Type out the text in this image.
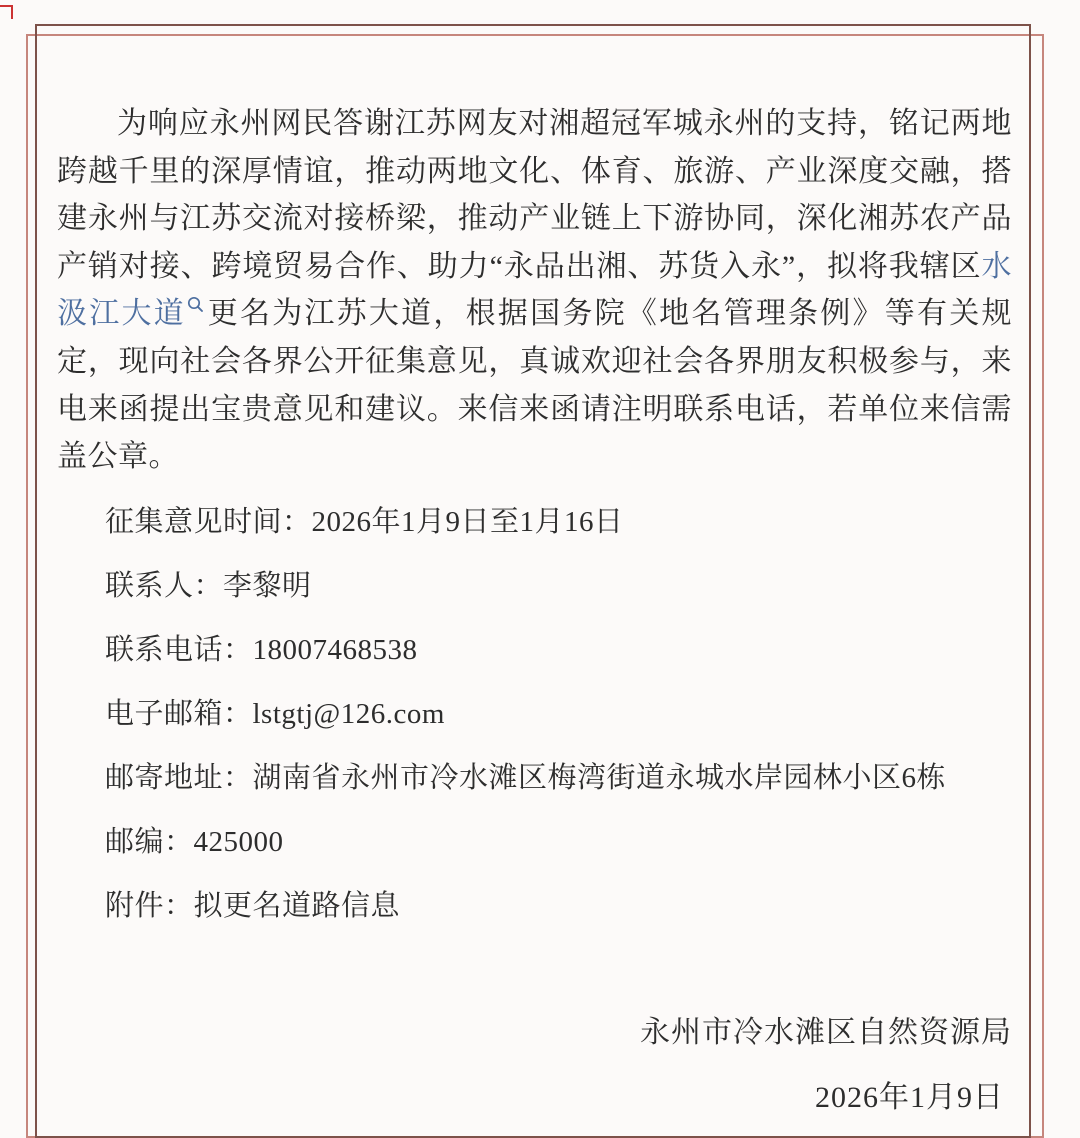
为响应永州网民答谢江苏网友对湘超冠军城永州的支持，铭记两地跨越千里的深厚情谊，推动两地文化、体育、旅游、产业深度交融，搭建永州与江苏交流对接桥梁，推动产业链上下游协同，深化湘苏农产品产销对接、跨境贸易合作、助力“永品出湘、苏货入永”，拟将我辖区水汲江大道 更名为江苏大道，根据国务院《地名管理条例》等有关规定，现向社会各界公开征集意见，真诚欢迎社会各界朋友积极参与，来电来函提出宝贵意见和建议。来信来函请注明联系电话，若单位来信需盖公章。

征集意见时间：2026年1月9日至1月16日
联系人：李黎明
联系电话：18007468538
电子邮箱：lstgtj@126.com
邮寄地址：湖南省永州市冷水滩区梅湾街道永城水岸园林小区6栋
邮编：425000
附件：拟更名道路信息
永州市冷水滩区自然资源局
2026年1月9日
